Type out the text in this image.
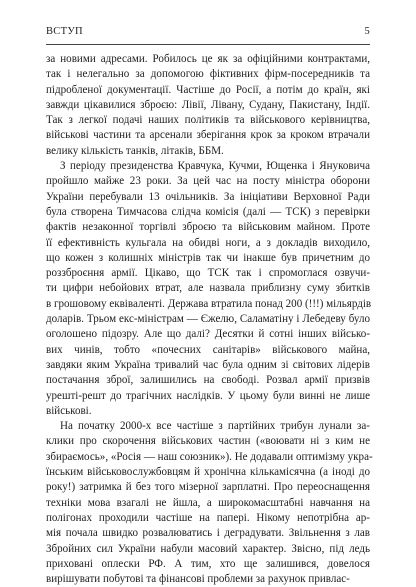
ВСТУП	5
за новими адресами. Робилось це як за офіційними контрактами,
так і нелегально за допомогою фіктивних фірм-посередників та
підробленої документації. Частіше до Росії, а потім до країн, які
завжди цікавилися зброєю: Лівії, Лівану, Судану, Пакистану, Індії.
Так з легкої подачі наших політиків та військового керівництва,
військові частини та арсенали зберігання крок за кроком втрачали
велику кількість танків, літаків, ББМ.
З періоду президенства Кравчука, Кучми, Ющенка і Януковича
пройшло майже 23 роки. За цей час на посту міністра оборони
України перебували 13 очільників. За ініціативи Верховної Ради
була створена Тимчасова слідча комісія (далі — ТСК) з перевірки
фактів незаконної торгівлі зброєю та військовим майном. Проте
її ефективність кульгала на обидві ноги, а з докладів виходило,
що кожен з колишніх міністрів так чи інакше був причетним до
роззброєння армії. Цікаво, що ТСК так і спромоглася озвучи-
ти цифри небойових втрат, але назвала приблизну суму збитків
в грошовому еквіваленті. Держава втратила понад 200 (!!!) мільярдів
доларів. Трьом екс-міністрам — Єжелю, Саламатіну і Лебедеву було
оголошено підозру. Але що далі? Десятки й сотні інших військо-
вих чинів, тобто «почесних санітарів» військового майна,
завдяки яким Україна тривалий час була одним зі світових лідерів
постачання зброї, залишились на свободі. Розвал армії призвів
урешті-решт до трагічних наслідків. У цьому були винні не лише
військові.
На початку 2000-х все частіше з партійних трибун лунали за-
клики про скорочення військових частин («воювати ні з ким не
збираємось», «Росія — наш союзник»). Не додавали оптимізму укра-
їнським військовослужбовцям й хронічна кількамісячна (а іноді до
року!) затримка й без того мізерної зарплатні. Про переоснащення
техніки мова взагалі не йшла, а широкомасштабні навчання на
полігонах проходили частіше на папері. Нікому непотрібна ар-
мія почала швидко розвалюватись і деградувати. Звільнення з лав
Збройних сил України набули масовий характер. Звісно, під ледь
приховані оплески РФ. А тим, хто ще залишився, довелося
вирішувати побутові та фінансові проблеми за рахунок привлас-
